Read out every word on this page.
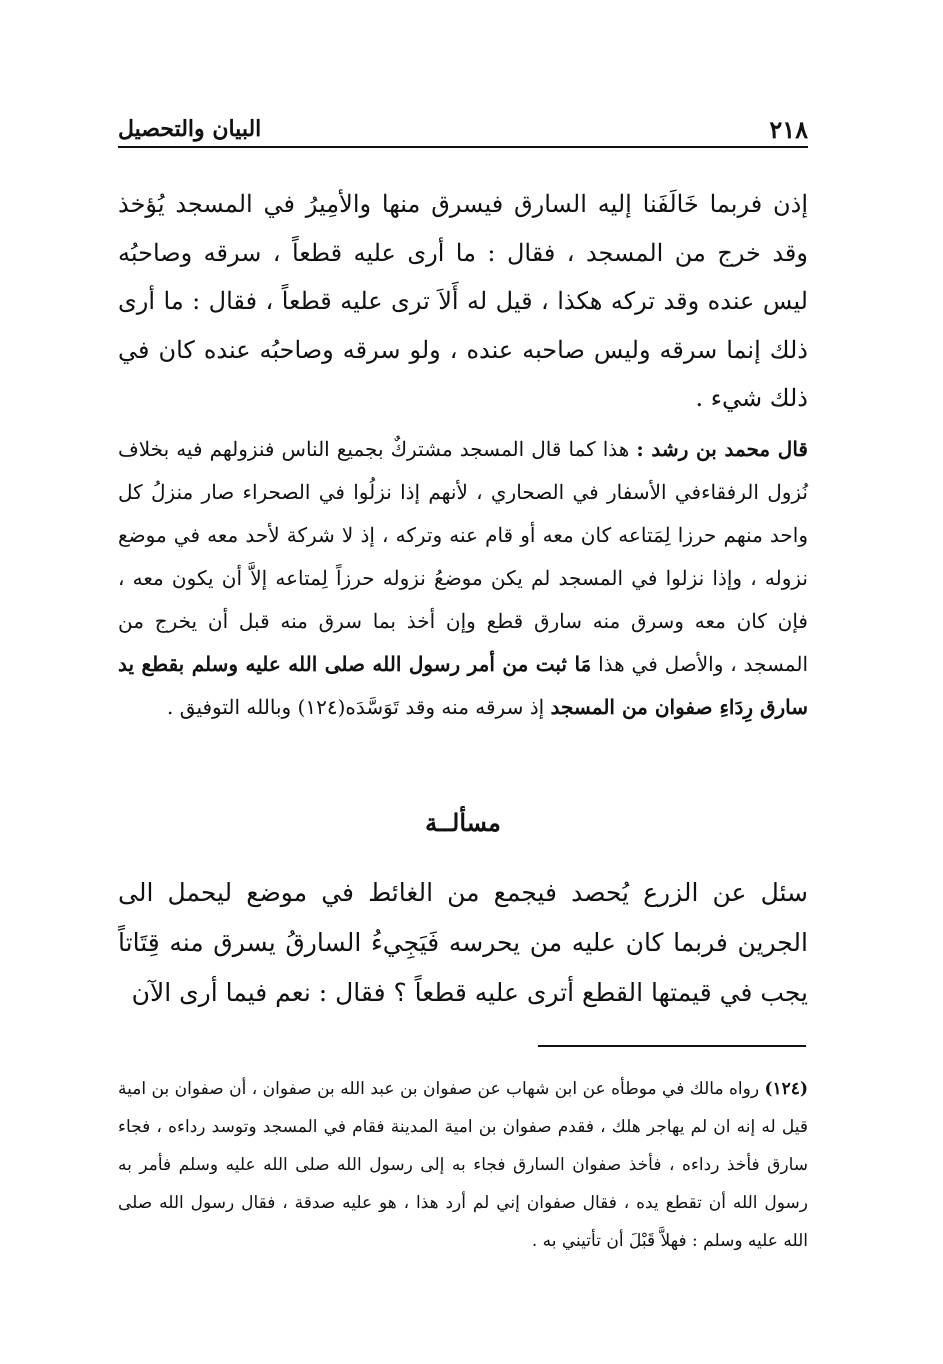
البيان والتحصيل	٢١٨
إذن فربما خَالَفَنا إليه السارق فيسرق منها والأمِيرُ في المسجد يُؤخذ وقد خرج من المسجد ، فقال : ما أرى عليه قطعاً ، سرقه وصاحبُه ليس عنده وقد تركه هكذا ، قيل له أَلاَ ترى عليه قطعاً ، فقال : ما أرى ذلك إنما سرقه وليس صاحبه عنده ، ولو سرقه وصاحبُه عنده كان في ذلك شيء .
قال محمد بن رشد : هذا كما قال المسجد مشتركٌ بجميع الناس فنزولهم فيه بخلاف نُزول الرفقاءفي الأسفار في الصحاري ، لأنهم إذا نزلُوا في الصحراء صار منزلُ كل واحد منهم حرزا لِمَتاعه كان معه أو قام عنه وتركه ، إذ لا شركة لأحد معه في موضع نزوله ، وإذا نزلوا في المسجد لم يكن موضعُ نزوله حرزاً لِمتاعه إلاَّ أن يكون معه ، فإن كان معه وسرق منه سارق قطع وإن أخذ بما سرق منه قبل أن يخرج من المسجد ، والأصل في هذا مَا ثبت من أمر رسول الله صلى الله عليه وسلم بقطع يد سارق رِدَاءِ صفوان من المسجد إذ سرقه منه وقد تَوَسَّدَه(١٢٤) وبالله التوفيق .
مسألــة
سئل عن الزرع يُحصد فيجمع من الغائط في موضع ليحمل الى الجرين فربما كان عليه من يحرسه فَيَجِيءُ السارقُ يسرق منه قِتَاتاً يجب في قيمتها القطع أترى عليه قطعاً ؟ فقال : نعم فيما أرى الآن
(١٢٤) رواه مالك في موطأه عن ابن شهاب عن صفوان بن عبد الله بن صفوان ، أن صفوان بن امية قيل له إنه ان لم يهاجر هلك ، فقدم صفوان بن امية المدينة فقام في المسجد وتوسد رداءه ، فجاء سارق فأخذ رداءه ، فأخذ صفوان السارق فجاء به إلى رسول الله صلى الله عليه وسلم فأمر به رسول الله أن تقطع يده ، فقال صفوان إني لم أرد هذا ، هو عليه صدقة ، فقال رسول الله صلى الله عليه وسلم : فهلاَّ قَبْلَ أن تأتيني به .
